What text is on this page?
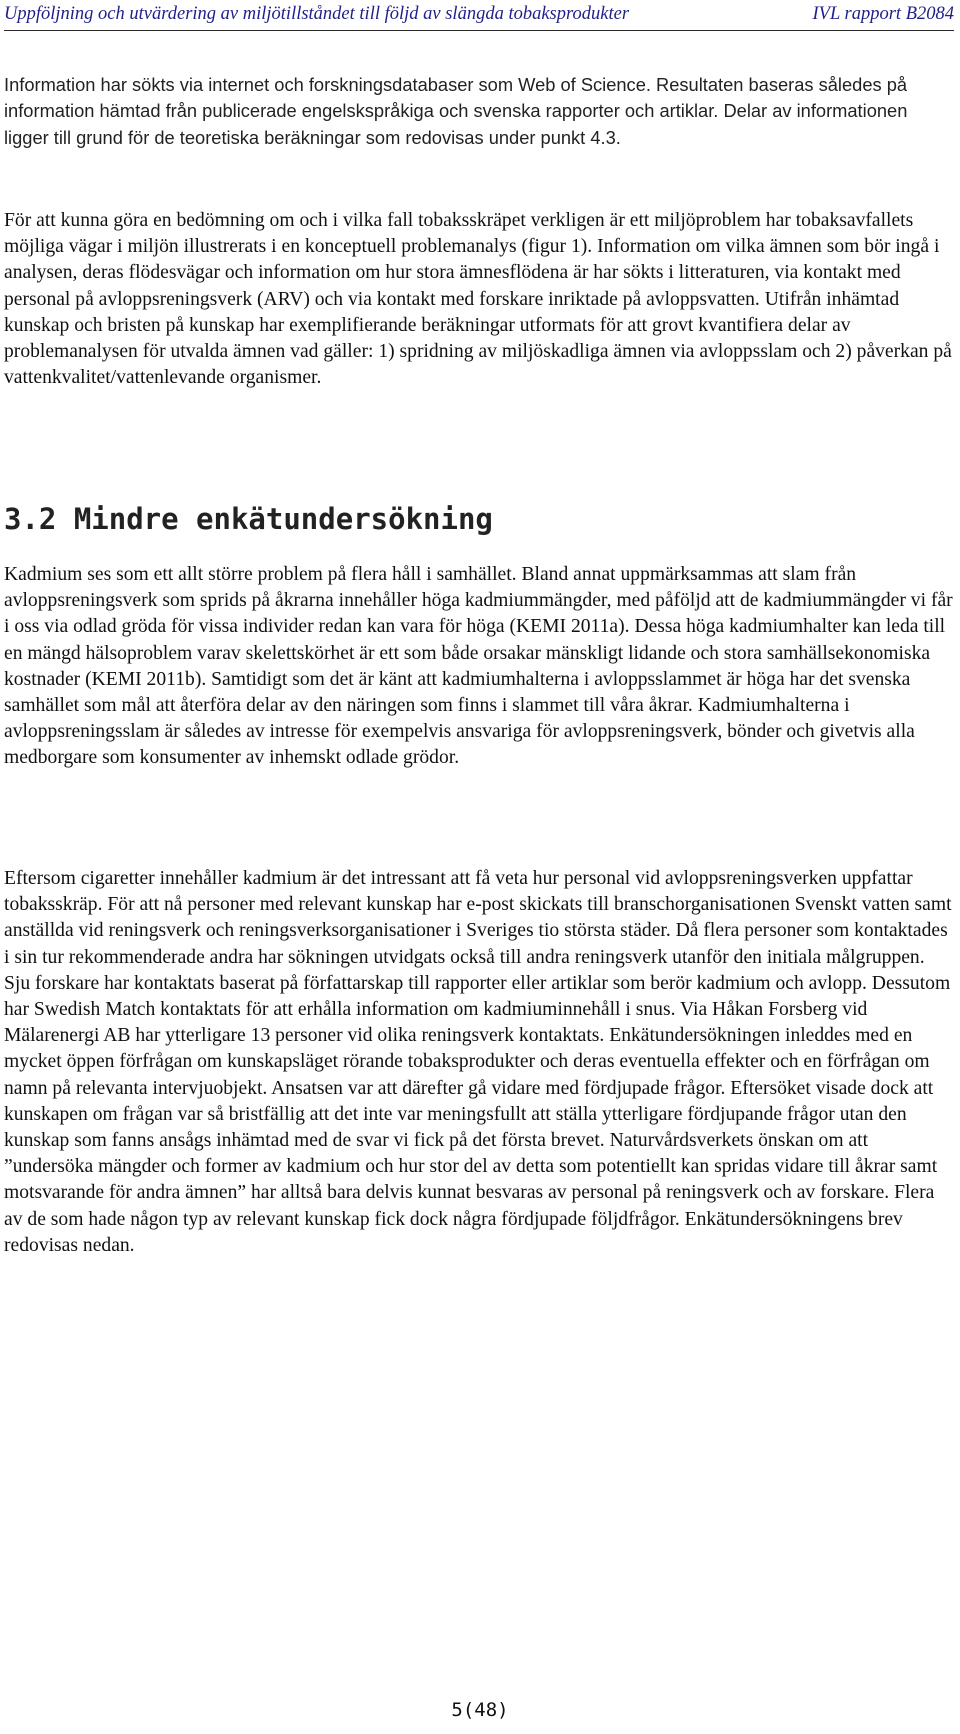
Uppföljning och utvärdering av miljötillståndet till följd av slängda tobaksprodukter	IVL rapport B2084

Information har sökts via internet och forskningsdatabaser som Web of Science. Resultaten baseras således på information hämtad från publicerade engelskspråkiga och svenska rapporter och artiklar. Delar av informationen ligger till grund för de teoretiska beräkningar som redovisas under punkt 4.3.

För att kunna göra en bedömning om och i vilka fall tobaksskräpet verkligen är ett miljöproblem har tobaksavfallets möjliga vägar i miljön illustrerats i en konceptuell problemanalys (figur 1). Information om vilka ämnen som bör ingå i analysen, deras flödesvägar och information om hur stora ämnesflödena är har sökts i litteraturen, via kontakt med personal på avloppsreningsverk (ARV) och via kontakt med forskare inriktade på avloppsvatten. Utifrån inhämtad kunskap och bristen på kunskap har exemplifierande beräkningar utformats för att grovt kvantifiera delar av problemanalysen för utvalda ämnen vad gäller: 1) spridning av miljöskadliga ämnen via avloppsslam och 2) påverkan på vattenkvalitet/vattenlevande organismer.

3.2 Mindre enkätundersökning

Kadmium ses som ett allt större problem på flera håll i samhället. Bland annat uppmärksammas att slam från avloppsreningsverk som sprids på åkrarna innehåller höga kadmiummängder, med påföljd att de kadmiummängder vi får i oss via odlad gröda för vissa individer redan kan vara för höga (KEMI 2011a). Dessa höga kadmiumhalter kan leda till en mängd hälsoproblem varav skelettskörhet är ett som både orsakar mänskligt lidande och stora samhällsekonomiska kostnader (KEMI 2011b). Samtidigt som det är känt att kadmiumhalterna i avloppsslammet är höga har det svenska samhället som mål att återföra delar av den näringen som finns i slammet till våra åkrar. Kadmiumhalterna i avloppsreningsslam är således av intresse för exempelvis ansvariga för avloppsreningsverk, bönder och givetvis alla medborgare som konsumenter av inhemskt odlade grödor.

Eftersom cigaretter innehåller kadmium är det intressant att få veta hur personal vid avloppsreningsverken uppfattar tobaksskräp. För att nå personer med relevant kunskap har e-post skickats till branschorganisationen Svenskt vatten samt anställda vid reningsverk och reningsverksorganisationer i Sveriges tio största städer. Då flera personer som kontaktades i sin tur rekommenderade andra har sökningen utvidgats också till andra reningsverk utanför den initiala målgruppen. Sju forskare har kontaktats baserat på författarskap till rapporter eller artiklar som berör kadmium och avlopp. Dessutom har Swedish Match kontaktats för att erhålla information om kadmiuminnehåll i snus. Via Håkan Forsberg vid Mälarenergi AB har ytterligare 13 personer vid olika reningsverk kontaktats. Enkätundersökningen inleddes med en mycket öppen förfrågan om kunskapsläget rörande tobaksprodukter och deras eventuella effekter och en förfrågan om namn på relevanta intervjuobjekt. Ansatsen var att därefter gå vidare med fördjupade frågor. Eftersöket visade dock att kunskapen om frågan var så bristfällig att det inte var meningsfullt att ställa ytterligare fördjupande frågor utan den kunskap som fanns ansågs inhämtad med de svar vi fick på det första brevet. Naturvårdsverkets önskan om att ”undersöka mängder och former av kadmium och hur stor del av detta som potentiellt kan spridas vidare till åkrar samt motsvarande för andra ämnen” har alltså bara delvis kunnat besvaras av personal på reningsverk och av forskare. Flera av de som hade någon typ av relevant kunskap fick dock några fördjupade följdfrågor. Enkätundersökningens brev redovisas nedan.

5(48)
